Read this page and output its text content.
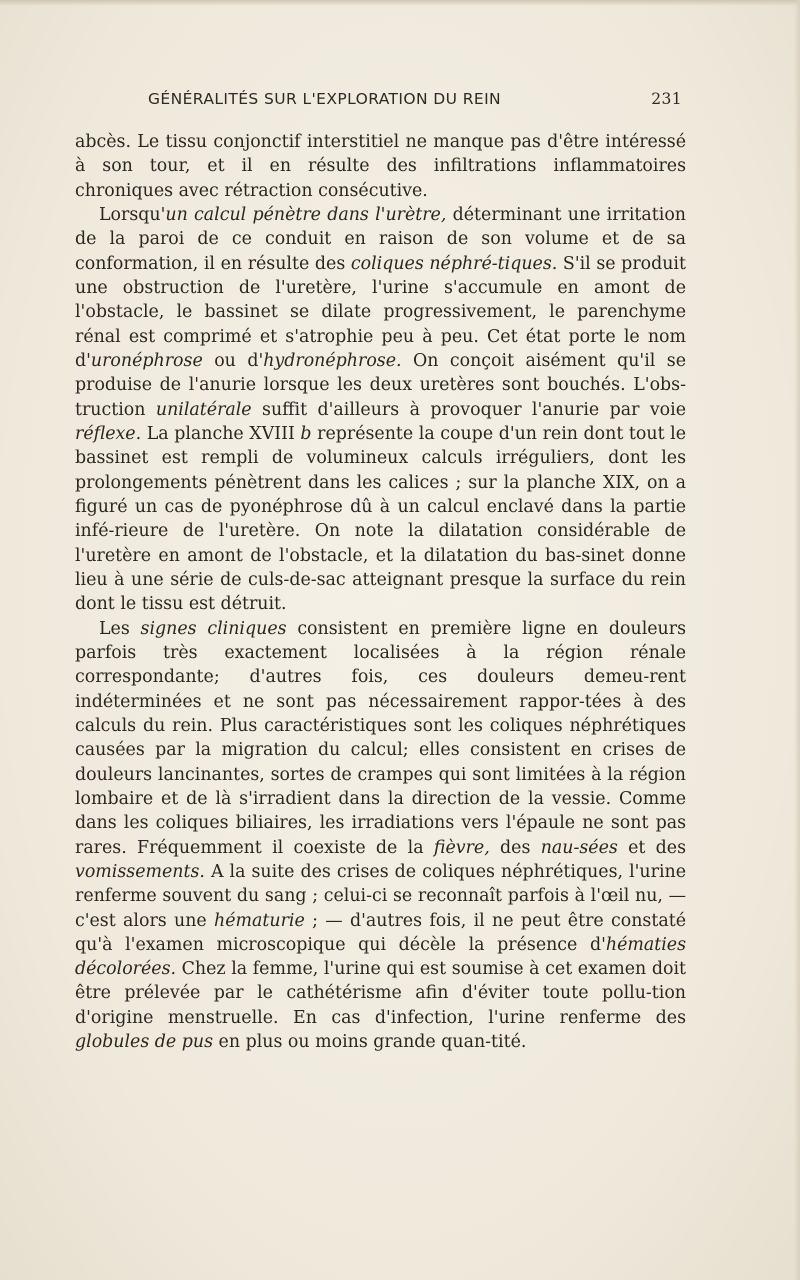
GÉNÉRALITÉS SUR L'EXPLORATION DU REIN	231

abcès. Le tissu conjonctif interstitiel ne manque pas d'être intéressé à son tour, et il en résulte des infiltrations inflammatoires chroniques avec rétraction consécutive.

Lorsqu'un calcul pénètre dans l'urètre, déterminant une irritation de la paroi de ce conduit en raison de son volume et de sa conformation, il en résulte des coliques néphré-tiques. S'il se produit une obstruction de l'uretère, l'urine s'accumule en amont de l'obstacle, le bassinet se dilate progressivement, le parenchyme rénal est comprimé et s'atrophie peu à peu. Cet état porte le nom d'uronéphrose ou d'hydronéphrose. On conçoit aisément qu'il se produise de l'anurie lorsque les deux uretères sont bouchés. L'obs-truction unilatérale suffit d'ailleurs à provoquer l'anurie par voie réflexe. La planche XVIII b représente la coupe d'un rein dont tout le bassinet est rempli de volumineux calculs irréguliers, dont les prolongements pénètrent dans les calices ; sur la planche XIX, on a figuré un cas de pyonéphrose dû à un calcul enclavé dans la partie infé-rieure de l'uretère. On note la dilatation considérable de l'uretère en amont de l'obstacle, et la dilatation du bas-sinet donne lieu à une série de culs-de-sac atteignant presque la surface du rein dont le tissu est détruit.

Les signes cliniques consistent en première ligne en douleurs parfois très exactement localisées à la région rénale correspondante; d'autres fois, ces douleurs demeu-rent indéterminées et ne sont pas nécessairement rappor-tées à des calculs du rein. Plus caractéristiques sont les coliques néphrétiques causées par la migration du calcul; elles consistent en crises de douleurs lancinantes, sortes de crampes qui sont limitées à la région lombaire et de là s'irradient dans la direction de la vessie. Comme dans les coliques biliaires, les irradiations vers l'épaule ne sont pas rares. Fréquemment il coexiste de la fièvre, des nau-sées et des vomissements. A la suite des crises de coliques néphrétiques, l'urine renferme souvent du sang ; celui-ci se reconnaît parfois à l'œil nu, — c'est alors une hématurie ; — d'autres fois, il ne peut être constaté qu'à l'examen microscopique qui décèle la présence d'hématies décolorées. Chez la femme, l'urine qui est soumise à cet examen doit être prélevée par le cathétérisme afin d'éviter toute pollu-tion d'origine menstruelle. En cas d'infection, l'urine renferme des globules de pus en plus ou moins grande quan-tité.
